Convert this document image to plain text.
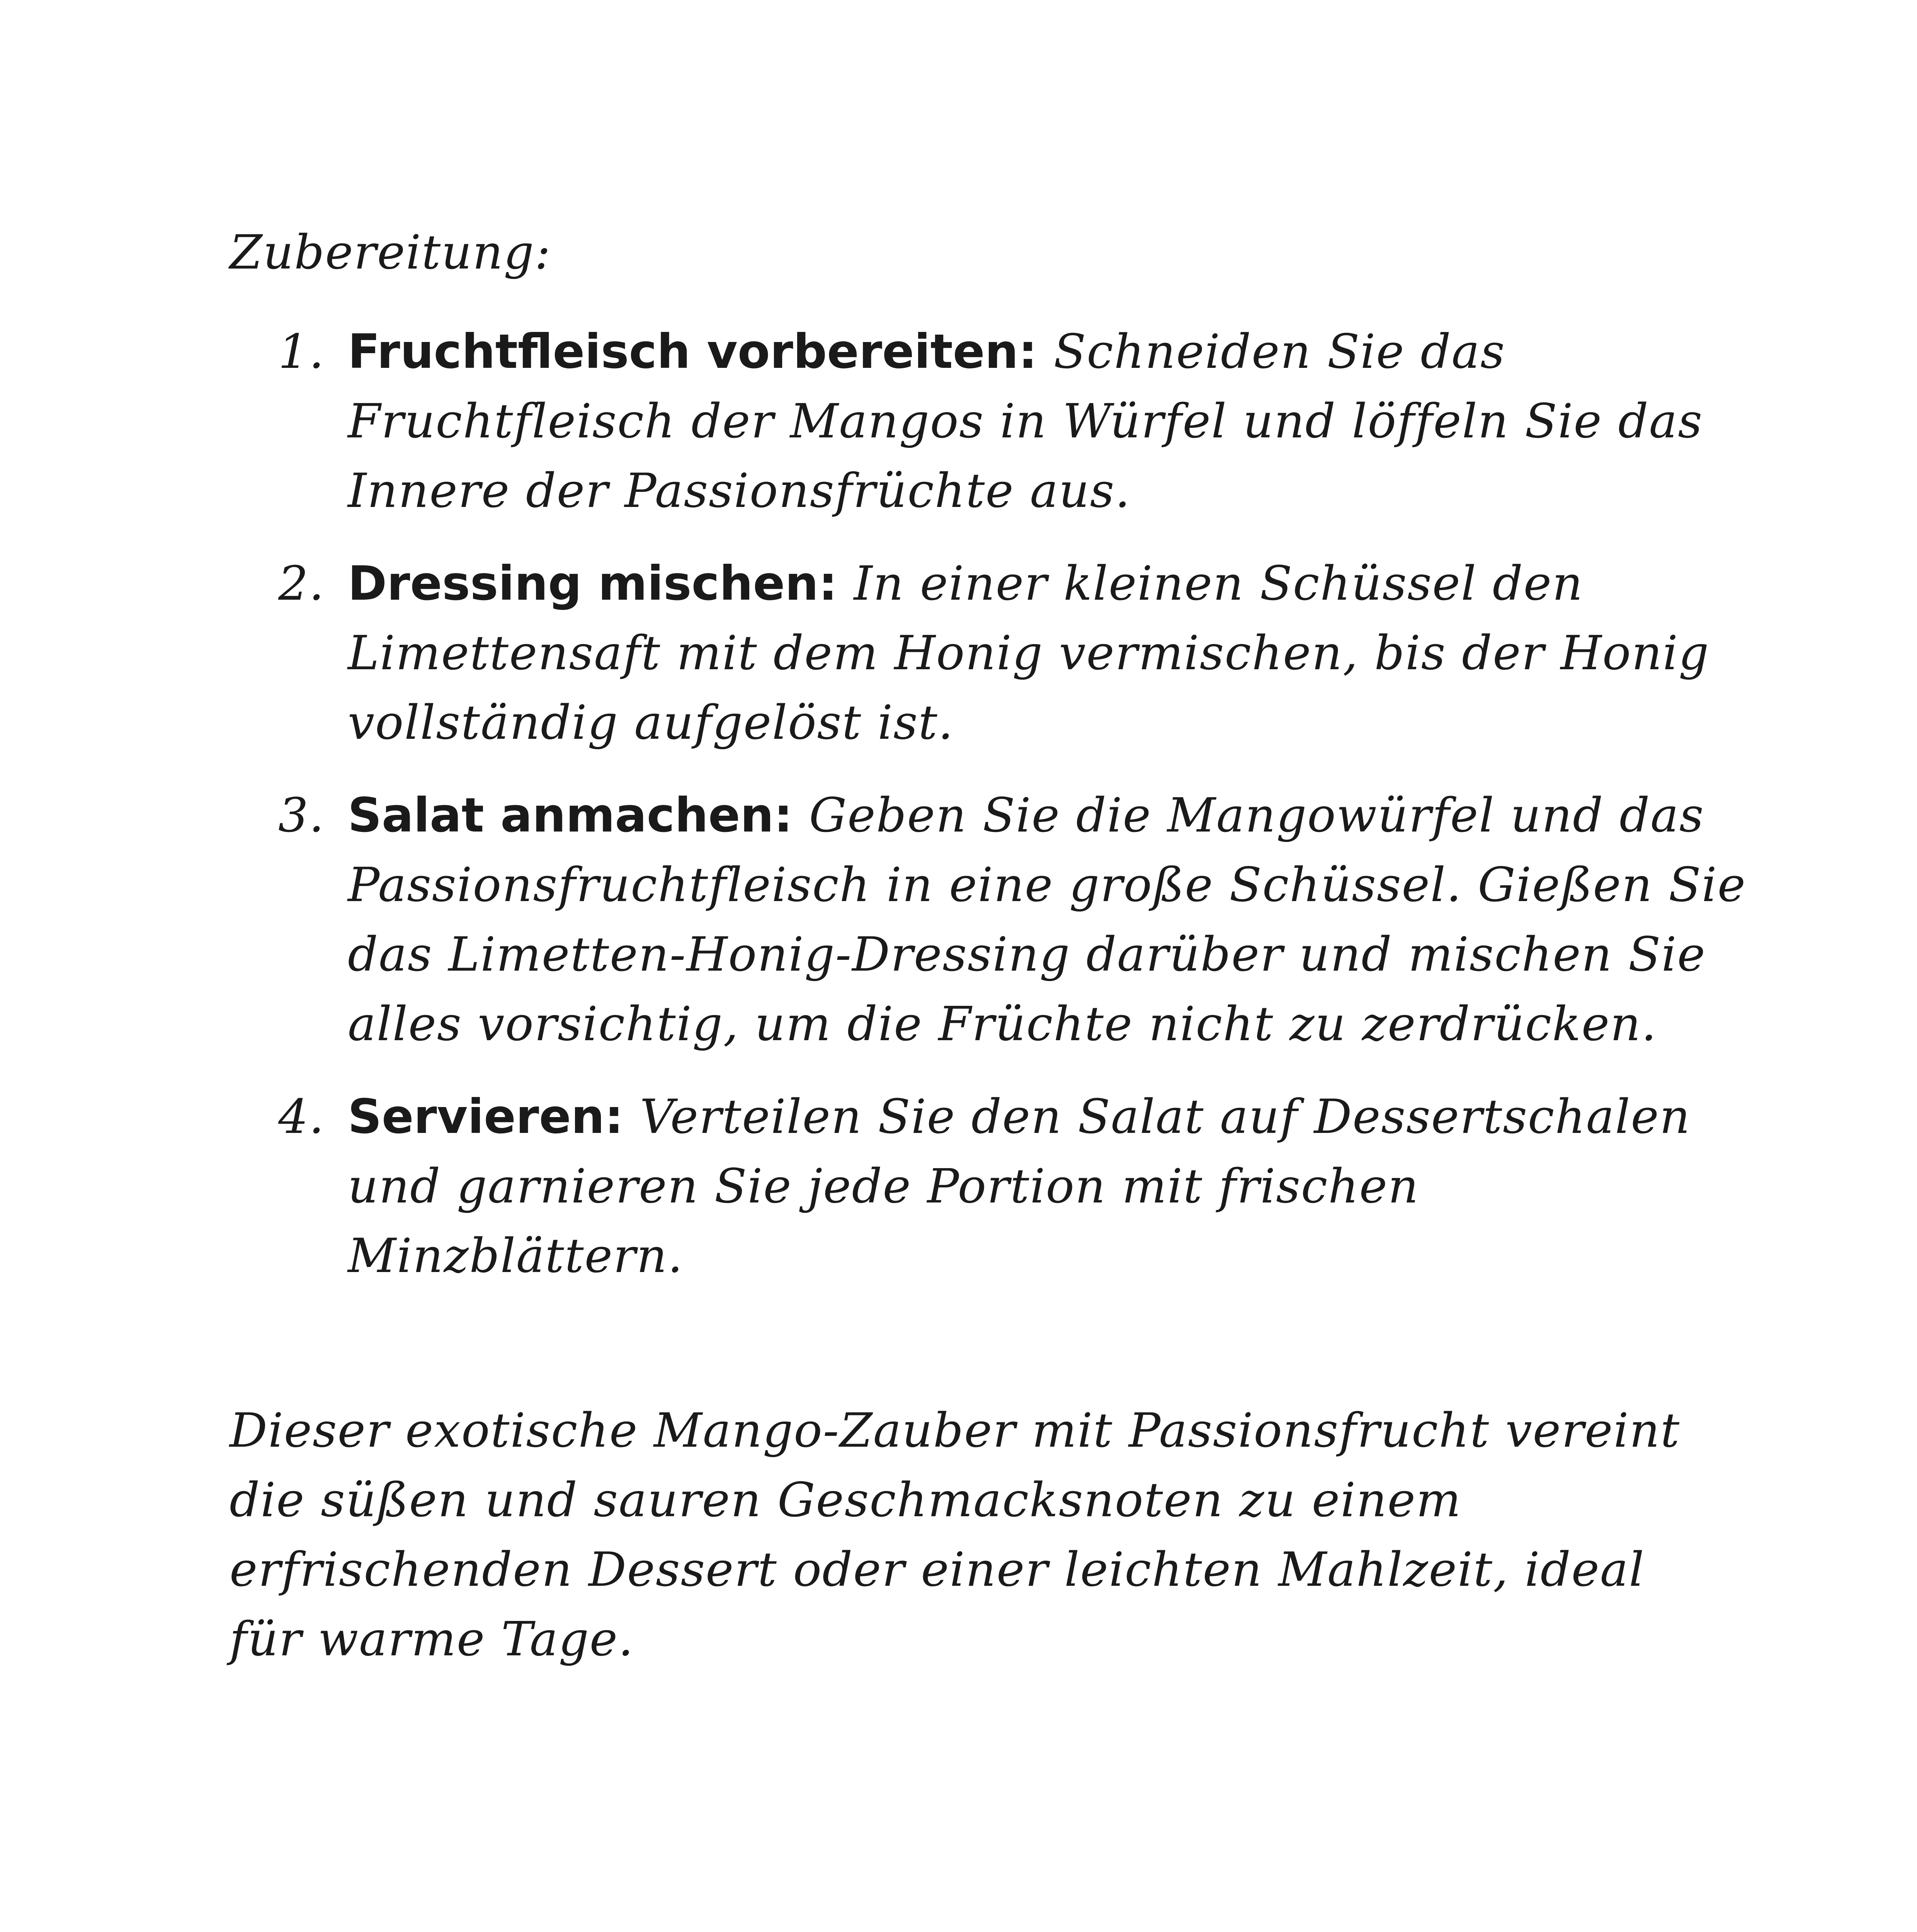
Zubereitung:
1. Fruchtfleisch vorbereiten: Schneiden Sie das Fruchtfleisch der Mangos in Würfel und löffeln Sie das Innere der Passionsfrüchte aus.
2. Dressing mischen: In einer kleinen Schüssel den Limettensaft mit dem Honig vermischen, bis der Honig vollständig aufgelöst ist.
3. Salat anmachen: Geben Sie die Mangowürfel und das Passionsfruchtfleisch in eine große Schüssel. Gießen Sie das Limetten-Honig-Dressing darüber und mischen Sie alles vorsichtig, um die Früchte nicht zu zerdrücken.
4. Servieren: Verteilen Sie den Salat auf Dessertschalen und garnieren Sie jede Portion mit frischen Minzblättern.

Dieser exotische Mango-Zauber mit Passionsfrucht vereint die süßen und sauren Geschmacksnoten zu einem erfrischenden Dessert oder einer leichten Mahlzeit, ideal für warme Tage.
